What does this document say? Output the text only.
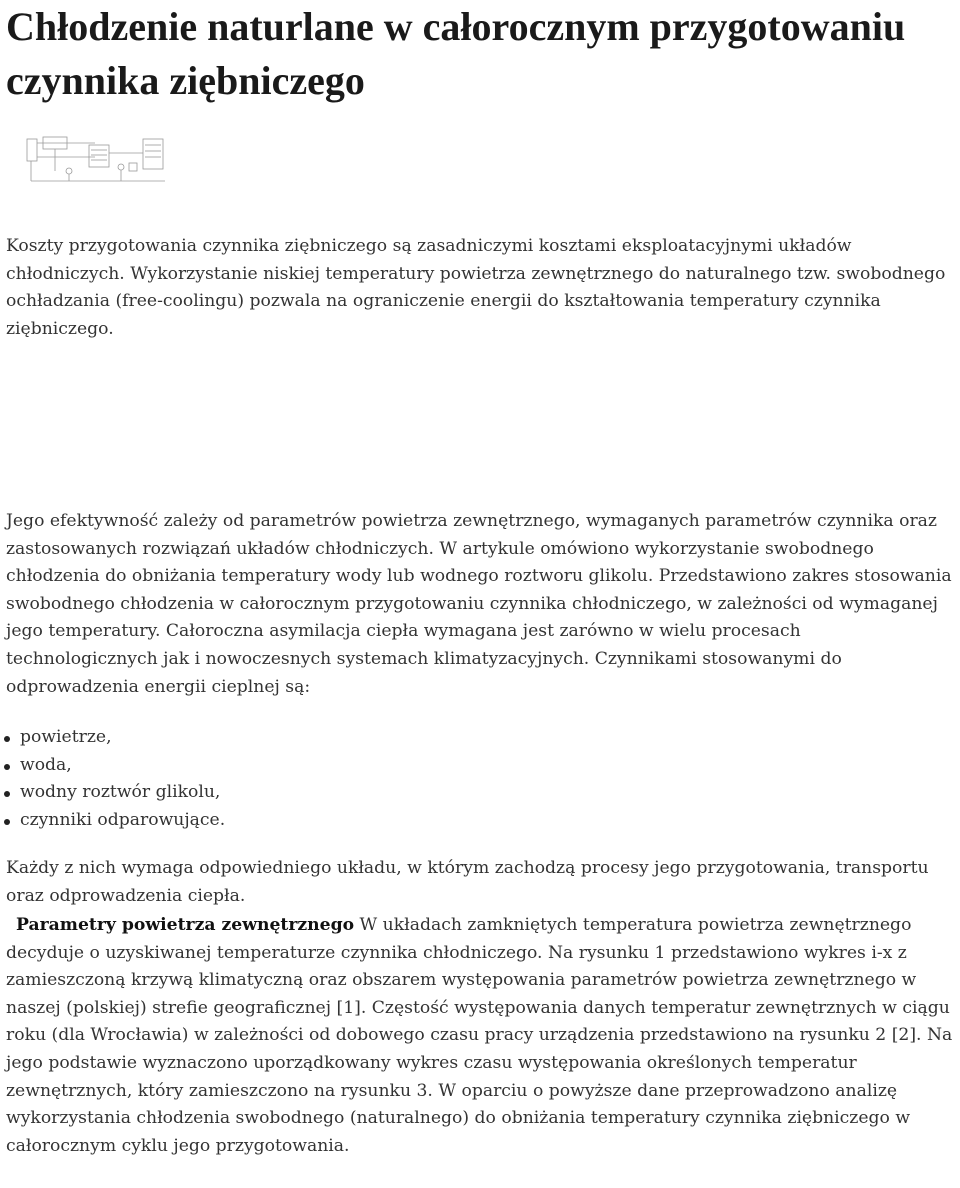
Chłodzenie naturlane w całorocznym przygotowaniu czynnika ziębniczego

Koszty przygotowania czynnika ziębniczego są zasadniczymi kosztami eksploatacyjnymi układów chłodniczych. Wykorzystanie niskiej temperatury powietrza zewnętrznego do naturalnego tzw. swobodnego ochładzania (free-coolingu) pozwala na ograniczenie energii do kształtowania temperatury czynnika ziębniczego.

Jego efektywność zależy od parametrów powietrza zewnętrznego, wymaganych parametrów czynnika oraz zastosowanych rozwiązań układów chłodniczych. W artykule omówiono wykorzystanie swobodnego chłodzenia do obniżania temperatury wody lub wodnego roztworu glikolu. Przedstawiono zakres stosowania swobodnego chłodzenia w całorocznym przygotowaniu czynnika chłodniczego, w zależności od wymaganej jego temperatury. Całoroczna asymilacja ciepła wymagana jest zarówno w wielu procesach technologicznych jak i nowoczesnych systemach klimatyzacyjnych. Czynnikami stosowanymi do odprowadzenia energii cieplnej są:

powietrze,
woda,
wodny roztwór glikolu,
czynniki odparowujące.

Każdy z nich wymaga odpowiedniego układu, w którym zachodzą procesy jego przygotowania, transportu oraz odprowadzenia ciepła.

Parametry powietrza zewnętrznego W układach zamkniętych temperatura powietrza zewnętrznego decyduje o uzyskiwanej temperaturze czynnika chłodniczego. Na rysunku 1 przedstawiono wykres i-x z zamieszczoną krzywą klimatyczną oraz obszarem występowania parametrów powietrza zewnętrznego w naszej (polskiej) strefie geograficznej [1]. Częstość występowania danych temperatur zewnętrznych w ciągu roku (dla Wrocławia) w zależności od dobowego czasu pracy urządzenia przedstawiono na rysunku 2 [2]. Na jego podstawie wyznaczono uporządkowany wykres czasu występowania określonych temperatur zewnętrznych, który zamieszczono na rysunku 3. W oparciu o powyższe dane przeprowadzono analizę wykorzystania chłodzenia swobodnego (naturalnego) do obniżania temperatury czynnika ziębniczego w całorocznym cyklu jego przygotowania.
